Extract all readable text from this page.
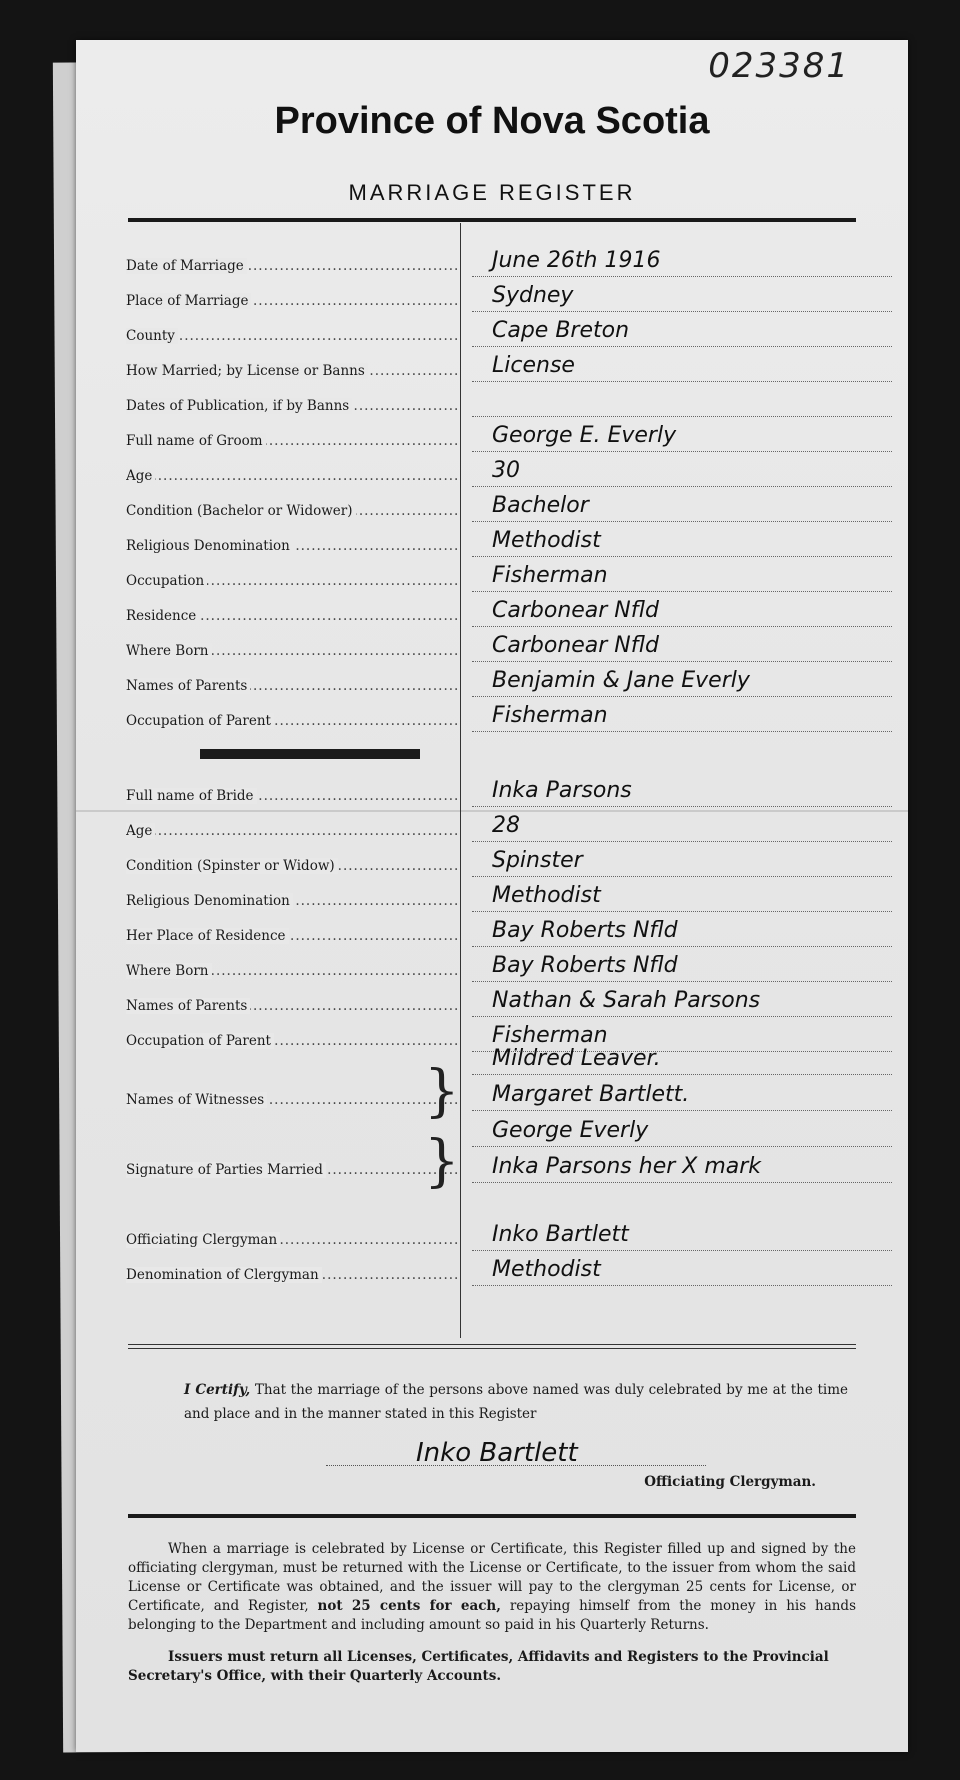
023381
Province of Nova Scotia
MARRIAGE REGISTER
Date of Marriage .....	June 26th 1916
Place of Marriage .....	Sydney
County .....	Cape Breton
How Married; by License or Banns .....	License
Dates of Publication, if by Banns .....
Full name of Groom .....	George E. Everly
Age .....	30
Condition (Bachelor or Widower) .....	Bachelor
Religious Denomination .....	Methodist
Occupation .....	Fisherman
Residence .....	Carbonear Nfld
Where Born .....	Carbonear Nfld
Names of Parents .....	Benjamin & Jane Everly
Occupation of Parent .....	Fisherman
Full name of Bride .....	Inka Parsons
Age .....	28
Condition (Spinster or Widow) .....	Spinster
Religious Denomination .....	Methodist
Her Place of Residence .....	Bay Roberts Nfld
Where Born .....	Bay Roberts Nfld
Names of Parents .....	Nathan & Sarah Parsons
Occupation of Parent .....	Fisherman
Names of Witnesses .....	}
Mildred Leaver.
Margaret Bartlett.
Signature of Parties Married .....	}	George Everly
Inka Parsons her X mark
Officiating Clergyman .....	Inko Bartlett
Denomination of Clergyman .....	Methodist
I Certify, That the marriage of the persons above named was duly celebrated by me at the time and place and in the manner stated in this Register
Inko Bartlett
Officiating Clergyman.
When a marriage is celebrated by License or Certificate, this Register filled up and signed by the officiating clergyman, must be returned with the License or Certificate, to the issuer from whom the said License or Certificate was obtained, and the issuer will pay to the clergyman 25 cents for License, or Certificate, and Register, not 25 cents for each, repaying himself from the money in his hands belonging to the Department and including amount so paid in his Quarterly Returns.
Issuers must return all Licenses, Certificates, Affidavits and Registers to the Provincial Secretary's Office, with their Quarterly Accounts.
